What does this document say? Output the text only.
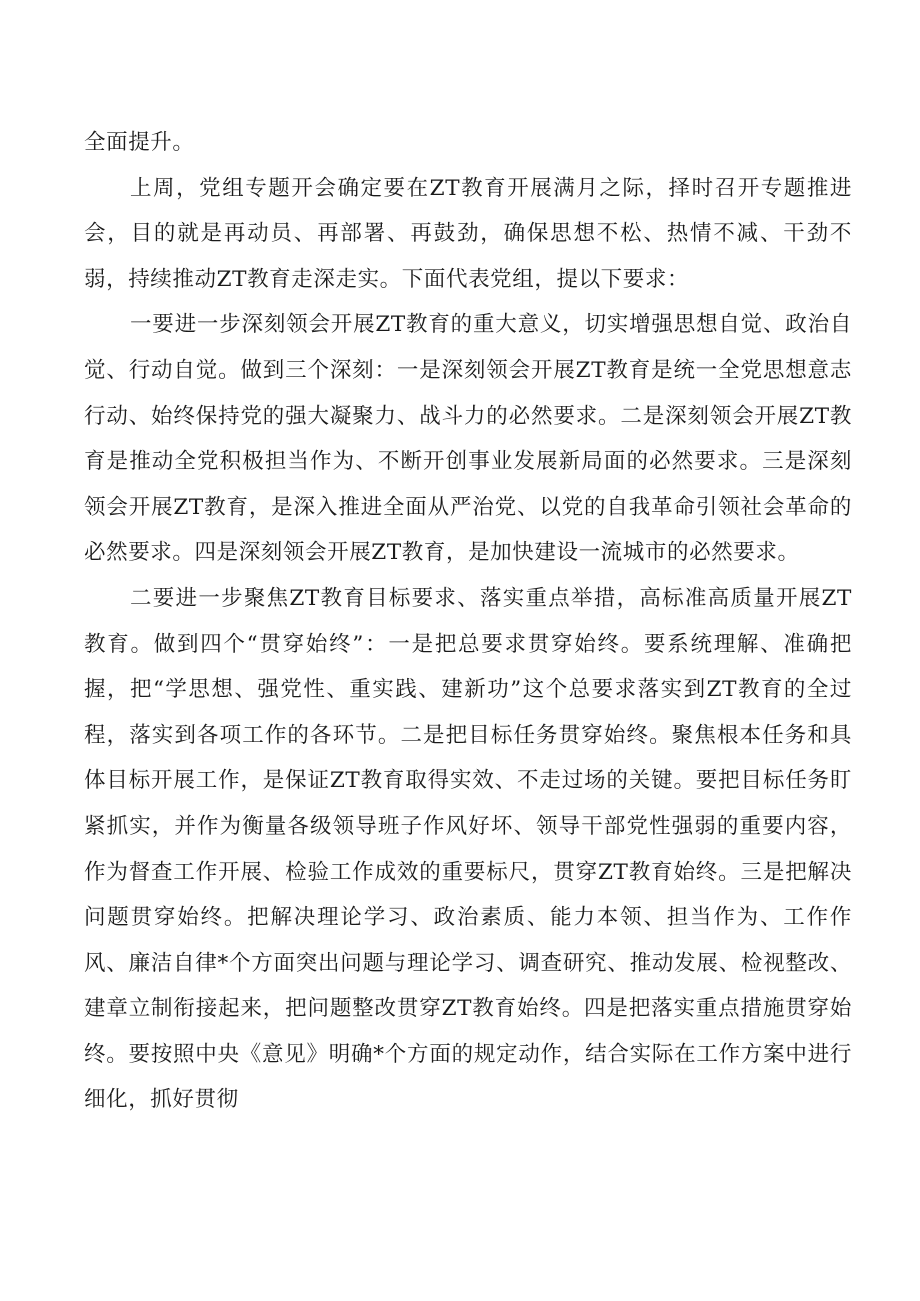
全面提升。

上周，党组专题开会确定要在ZT教育开展满月之际，择时召开专题推进会，目的就是再动员、再部署、再鼓劲，确保思想不松、热情不减、干劲不弱，持续推动ZT教育走深走实。下面代表党组，提以下要求：

一要进一步深刻领会开展ZT教育的重大意义，切实增强思想自觉、政治自觉、行动自觉。做到三个深刻：一是深刻领会开展ZT教育是统一全党思想意志行动、始终保持党的强大凝聚力、战斗力的必然要求。二是深刻领会开展ZT教育是推动全党积极担当作为、不断开创事业发展新局面的必然要求。三是深刻领会开展ZT教育，是深入推进全面从严治党、以党的自我革命引领社会革命的必然要求。四是深刻领会开展ZT教育，是加快建设一流城市的必然要求。

二要进一步聚焦ZT教育目标要求、落实重点举措，高标准高质量开展ZT教育。做到四个“贯穿始终”：一是把总要求贯穿始终。要系统理解、准确把握，把“学思想、强党性、重实践、建新功”这个总要求落实到ZT教育的全过程，落实到各项工作的各环节。二是把目标任务贯穿始终。聚焦根本任务和具体目标开展工作，是保证ZT教育取得实效、不走过场的关键。要把目标任务盯紧抓实，并作为衡量各级领导班子作风好坏、领导干部党性强弱的重要内容，作为督查工作开展、检验工作成效的重要标尺，贯穿ZT教育始终。三是把解决问题贯穿始终。把解决理论学习、政治素质、能力本领、担当作为、工作作风、廉洁自律*个方面突出问题与理论学习、调查研究、推动发展、检视整改、建章立制衔接起来，把问题整改贯穿ZT教育始终。四是把落实重点措施贯穿始终。要按照中央《意见》明确*个方面的规定动作，结合实际在工作方案中进行细化，抓好贯彻
